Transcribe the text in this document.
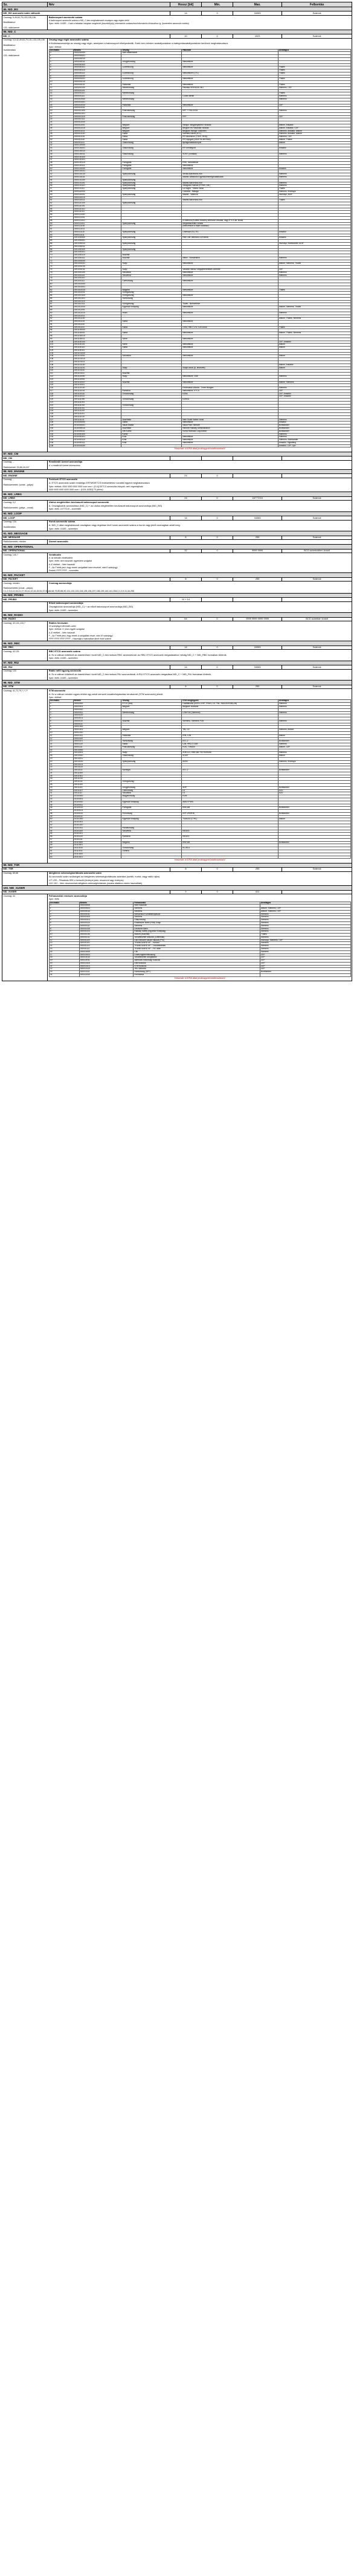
Sz.	Név	Hossz [bit]	Min.	Max.	Felbontás
85. NID_BG
NID_BG azonosító szám változók	14	0	16383	Számok
Csomag: 5,49,63,79,133,135,136,

Beállításhoz:

133, rádióüzenet	

Balízcsoport azonosító száma

A balízcsoport azonosító száma a NID_C-ben meghatározott országon vagy régión belül.

Spec. érték: 16383 – Csak a haladási irányban meghívott (összeköt)ó(s) információs szakaszhoz/információs kiírásokhoz ig. (ismeretlen azonosító esetén)

86. NID_C
NID_C	10	0	1023	Számok
Csomag: 0,5,42,49,63,79,131,133,135,136

Beállításhoz:

Hurtőértetlen

133, rádióüzenet	

Ország vagy régió azonosító száma

A födöskazonosítója az ország vagy régió, amelyben a balízcsoport elhelyezkedik. Ezek nem minden szabályozásban a kategóriaszabályozásban kerülnek meghatározásra.

Spec. értékek

Decimális	Bináris	Ország	Használt	Alvállagos
0	0000000000	Nem alkalmazott		
1	0000000001			
2	0000000010			
3	0000000011	Lengyelország	Nemzetkive	
4	0000000100			
5	0000000101	Luxembourg	Nemzetkive	Thales
6	0000000110			Thales
7	0000000111	Luxembourg	Nemzetkive (CFL)	Thales
8	0000001000			
9	0000001001	Luxembourg	Nemzetkive	Thales
10	0000001010			
11	0000001011	Hollandia	Nemzetkive	Thales
12	0000001100	Németország	Rétzitsa SR/HSDB, MLI	Siemens, CEF
13	0000001101			
14	0000001110	Németország		Thales
15	0000001111		CLfam Berlin	Siemens
16	0000010000	Németország		Siemens
17	0000010001			
18	0000010010	Hollandia	Nemzetkive	CEF
19	0000010011			
20	0000010100	Franciaország	NPT + HGL/DGA	Siemens
21	0000010101			
22	0000010110	Franciaország	RFF	CEF
23	0000010111			
24	0000011000			
25	0000011001	Belgium	Inkrigió: alegységekhez rohadás	Alstom, Ansaldo
26	0000011010	Belgium	Belgium és Hollandia vonalak	Alstom, Ansaldo, CEF
27	0000011011	Belgium	Belgiumi Inkrigió: kölönbén	Siemens, Ansaldo, Alstom
28	0000011100	Dánia	Szentes Dánia (NTL)	Siemens, Ansaldo, Alstom
29	0000011101	Dánia	RFI Alsorsnoz (TDNT, RHG)	Siemens, CEF
30	0000011110	Dánia	RFI Nyugati (DSNF és BHYMA)	Alstom, Thales
31	0000011111	Olaszország	Bjeaigmalalaszonyok	Alstom
32	0000100000			
33	0000100001	Olaszország	RFI nemlegiutt	Ansaldo
34	0000100010			
35	0000100011	Olaszország	SONT (vonalak)	Siemens
36	0000100100			
37	0000100101			
38	0000100110	Portugália	RHK, Nemzetkive	
39	0000100111	Portugália	Nemzetkive	
40	0000101000	Portugália	Nemzetkive	Ansaldo
41	0000101001			
42	0000101010	Spanyolország	Sevilla-Barcelona-Irún	Siemens
43	0000101011		Madrid-Valladolid-Egyeskulesmeigcsatlakozás	Siemens
44	0000101100	Spanyolország		
45	0000101101	Spanyolország	Madrid-Barcelona-Irún	Siemens
46	0000101110	Spanyolország	Zaragoza-Huesca (RTMS, Dili.)	Siemens
47	0000101111	Spanyolország	La Sagra - Toledo vonal	Thales
48	0000110000		Córdoba - Málaga	Siemens, Invensys
49	0000110001	Spanyolország	Madrid - Valencia	Invensys, ADIF
50	0000110010			
51	0000110011		Madrid-Barcelona-Irún	Thales
52	0000110100	Spanyolország		
53	0000110101			
54	0000110110			
55	0000110111			
56	0000111000			
57	0000111001			
58	0000111010		A Valencia (Kontes Kezdes) kötönvuti vonalas, vagy ETCS alt. Bines	
59	0000111011	Spanyolország	megvalasztható vonala	
60	0000111100		(Nemzetkive a teljes szakasz)	
61	0000111101			
62	0000111110	Spanyolország	Linienauf (ELLTE)	Ansaldo
63	0000111111			
64	0001000000	Spanyolország	Red Line-Valencia-La Encina	Ansaldo
65	0001000001			
66	0001000010	Spanyolország		Invensys, Bombardier, ADIF
67	0001000011			
68	0001000100	Spanyolország		
69	0001000101			
70	0001000110	Ausztria		
71	0001000111	Ausztria	Nemz., Nemzetkive	Siemens
72	0001001000			
73	0001001001	Svájc	Nemzetkive	Alstom, Siemens, Thales
74	0001001010			
75	0001001011	Svájc	Vásárlói nkkivul megsjelentetések cernedő	CEF
76	0001001100	Szlovákia	Nemzetkive	Siemens
77	0001001101	Szlovénia	Nemzetkive	Siemens
78	0001001110			
79	0001001111	Csehország	Nemzetkive	
80	0001010000			
81	0001010001			
82	0001010010	Bulgária	Nemzetkive	Thales
83	0001010011	Görögország		
84	0001010100	Görögország	Nemzetkive	
85	0001010101	Svédország		
86	0001010110			
87	0001010111	Görögország	Tüzék., Nemzetkive	
88	0001011000	Egyesült Királyság	Nemzetkive	Alstom, Siemens, Thales
89	0001011001			
90	0001011010	Izrael	Nemzetkive	Siemens
91	0001011011			
92	0001011100			Alstom, Thales, Siemens
93	0001011101	Dánia	Nemzetkive	
94	0001011110			
95	0001011111	Dánia	GSM, HBO, LHL 2-es vonal	Thales
96	0001100000			
97	0001100001	Dánia	Nemzetkive	Alstom, Thales, Siemens
98	0001100010			
99	0001100011	Szírie	Nemzetkive	
100	0001100100			CEF, Ansaldo
101	0001100101	Szírie	Nemzetkive	Alstom
102	0001100110	Dánia	Nemzetkive	Alstom
103	0001100111			
104	0001101000			
105	0001101001	Szlovákia	Nemzetkive	Alstom
106	0001101010			
107	0001101011			
108	0001101100			Alstom, Ansaldo
109	0001101101	Svájc	Svájci vonal (A, tervezett)	Alstom
110	0001101110			
111	0001101111	Ausztria		
112	0001110000	Svájc	Nemzetkive, DAE	Siemens
113	0001110001			
114	0001110010	Ausztria	Nemzetkive	Alstom, Siemens
115	0001110011			
116	0001110100		Fehérváráz-Alluvia - Three Bridges	Siemens
117	0001110101	Románia	Nemzetkive, ETCS	CEF
118	0001110110	Oroszország	KZBK	CEF, Ansaldo
119	0001110111			CEF, Ansaldo
120	0001111000	Oroszország	KZBKA	
121	0001111001			
122	0001111010	Oroszország		
123	0001111011			
124	0001111100			
125	0001111101			
126	0001111110			
127	0001111111	Ausztrália	New South Wales vonal	Siemens
128	0010000000	Dánia	Nemzetkive	Ansaldo
129	0010000001	Saudi Arábia	Saudi Rab. Nemzet	Bombardier
130	0010000010	Ausztrália	Nemzet Railway Administration	Bombardier
131	0010000011	Dél-Korea	Korea Railroad Corporation	Bombardier
132	0010000100	Korea		Siemens
133	0010000101	Kína	Nemzetkive	Siemens
134	0010000110	Kína	Nemzetkive	Siemens, Bombardier
135	0010000111	Kína	Nemzetkive	Ansaldo, Signalling
136	0010001000			Ansaldo, CEF, Dyn

Használt: ki ERA által jóváhagyott kódkiosztástól

87. NID_CM
NID_CM				
Csomag: …

Rádióüzenet: 33,86,16,147	

Rendkívüli üzenet azonosítója

A: a rendkívüli üzenet tokenszáma

88. NID_ENGINE
NID_ENGINE	24	0		
Csomag: …

Rádióüzenetek: (vonat→pálya)	

Fedélzeti ETCS azonosító

A: ETCS azonosító szám rendeligs ERTMS/ETCS fedélzetiéhez vonattól egyedi meghatározásra

Spec. értékek: 0000 0000 0000 0000 xxxx xxxx = [0-16] 0ETCS azonosítás hiányzik: nem végrehajtható

0000 0000 0000 0000 0000 xxxx = [1024-16383] TS (direct)

89. NID_LRBG
NID_LRBG	24	0	16777215	Számok
Csomag: 0,2

Rádióüzenetek: (pálya↔vonat)	

Utolsó megfelelően beolvasott balízcsoport azonosító

A: Országkódok azonosítása (NID_C) + az utolsó megfelelően beolvasott balízcsoport azonosítója (NID_BG)

Spec. érték: 16777215 – ismeretlen

90. NID_LOOP
NID_LOOP	14	0	16383	Számok
Csomag: 134

Hurtőértetlen	

Hurok azonosító száma

A: NID_C által meghatározott országban vagy régióban lévő hurok azonosító száma a hurok vagy jelző csomagban adott meg.

Spec. érték: 16383 – ismeretlen

91. NID_MESSAGE
NID_MESSAGE	8	0	255	Számok
Rádióüzenetek: minden	Üzenet azonosító

92. NID_OPERATIONAL
NID_OPERATIONAL	32	0	9999 9999	BCD-számkódben kódolt
Csomag: 140,?	Vonatszám

A: az aktuális vonatszáma

Spec. érték: nem használt: egyenként szolgálat

A–E értékek – Nem használt

F – Az F érték jelzi, hogy ennek szolgáltató ezen részével, mint 8 számjegy)

Eredeti: FFFF FFFF – ismeretlen

93. NID_PACKET
NID_PACKET	8	0	255	Számok
Csomag: minden

Rádióüzenetek (vonat→pálya): 0,1,2,3,5,12,16,21,27,39,41,42,44,45,51,57,65,66,68,79,80,88,90,131,132,133,134,135,136,137,138,139,140,141,254,0,1,3,9,11,44,255	

Csomag azonosítója

94. NID_PRVBG
NID_PRVBG	10 + 14			

Előző balízcsoport azonosítója

Országkódok azonosítója (NID_C) + az előző balízcsoport azonosítója (NID_BG)

Spec. érték: 16383 – ismeretlen

95. NID_RADIO
NID_RADIO	64	0	9999 9999 9999 9999	BCD-számban kódolt
Csomag: 42,131,133,?	Rádiós hívószám

16 számjegyű decimális szám

Spec. értékek: 0: nincs egyéb szolgálat

A–E értékek – Nem használt

F – Az F érték jelzi, hogy ennek a szolgáltató része, mint 16 számjegy)

FFFF FFFF FFFF FFFF – Használja a halózatban tárolt rövid számot

96. NID_RBC
NID_RBC	14	0	16383	Számok
Csomag: 42,131	RBC ETCS azonosító száma

A: Ez a változó kötelező az áramkörben hívott NID_C-hez tartozó RBC azonosítónál. Az RBC ETCS azonosító megadásához mindig NID_C + NID_RBC formában történik.

Spec. érték: 16383 – ismeretlen

97. NID_RIU
NID_RIU	14	0	16383	Számok
Csomag: 133	Rádió infill egység azonosító

A: Ez a változó kötelező az áramkörben hívott NID_C-hez tartozó RIU azonosítónál. A RIU ETCS azonosító megadása NID_C + NID_RIU formában történik.

Spec. érték: 16383 – ismeretlen

98. NID_STM
NID_STM	8	0	255	Számok
Csomag: 41,72,79,?,?,??	STM azonosító

A: Ez a változó minden egyes értéke egy adott nemzeti vonatbefolyásolási rendszerét (STM azonosító) jelenti.

Spec. értékek

Decimális	Bináris	Ország	STM megjegyzés	Alvállagos
0	00000000	ETCS (lest)	Csatlakozás (ASFA, KHP, TRIUV, LS, TBL, INDUSI/PZB/LZB)	Siemens
1	00000001	Belgium	Belgiumi rendszer	Siemens
2	00000010			
3	00000011	Németország	LZB/PZB (Siemens)	Siemens
4	00000100			
5	00000101			
6	00000110	Ausztria	Siemens, Siemens PZB	Siemens
7	00000111			
8	00001000			
9	00001001	Belgium	TBL 1/2	Siemens, Alstom
10	00001010			
11	00001011	Hollandia	ATB, LZB	Alstom
12	00001100			
13	00001101	Svédország	ATC-2	Bombardier
14	00001110	Dánia	LZB, HKU-3 ZUB	Siemens
15	00001111	Franciaország	KVB, TVM430	Alstom, CEF
16	00010000			
17	00010001	Svájc	ZUB 121, EBICAB 700 SIGNUM	Siemens
18	00010010	Olaszország	SCMT	Alstom
19	00010011			
20	00010100	Spanyolország	ASFA	Siemens, Invensys
21	00010101			
22	00010110			
23	00010111	Norvégia	ATC-2	Bombardier
24	00011000			
25	00011001			
26	00011010			
27	00011011	Görögország		
28	00011100			
29	00011101	Lengyelország	SHP	Bombardier
30	00011110	Csehország	LS	AZD
31	00011111	Szlovákia	LS	AZD
32	00100000	Magyarország	EVM	
33	00100001			
34	00100010	Egyesült Királyság	AWS/TPWS	
35	00100011			
36	00100100	Portugália	EBICAB	Bombardier
37	00100101			
38	00100110	Finnország	ATP-VR/RHK	Bombardier
39	00100111			
40	00101000	Egyesült Királyság	TVM430 (CTRL)	Alstom
41	00101001			
42	00101010			
43	00101011	Horvátország		
44	00101100	Szlovénia	INDUSI	
45	00101101			
46	00101110	Románia	INDUSI	
47	00101111			
48	00110000	Bulgária	EBICAB	Bombardier
49	00110001			
50	00110010	Oroszország	KLUB-U	
51	00110011	Litvánia		
52	00110100			
53	00110101			

Használt: ki ERA által jóváhagyott kódkiosztástól

99. NID_TSR
NID_TSR	8	0	255	Számok
Csomag: 65,66	Ideiglenes sebességkorlátozás azonosító szám

Az azonosító szám szükséges az ideiglenes sebességkorlátozás számára (széttö, hurtot, vagy rádió útján)

127–255 – Pénztartás RBC-n keresztül (érvényre jutás: visszavont vagy érvényes)

1111 1111 – Nem visszavonható ideiglenes sebességkorlátozás (vonatra általános módon használható)

100. NID_XUSER
NID_XUSER	9	0	511	
Csomag: 44	Felhasználói rendszer azonosítója

Spec. érték

Decimális	Bináris	Felhasználó	Alvállagos
0	000000000	Nem használt	
1	000000001	Siemens	Alstom, Siemens, CEF
2	000000010	Siemens	Alstom, Siemens, CEF
3	000000011	Nemzetközi vonatbefolyásoló	Siemens
4	000000100	Siemens	Siemens
5	000000101	Olaszország	Siemens
6	000000110	Rhaetische Bahn (RhB) Svájc	Siemens
7	000000111	Siemens	Siemens
8	000001000	Deutsche Bahn	Siemens
9	000001001	Railway Safety (Egyesült Királyság)	Siemens
10	000001010	Alstom (Ausztria)	Thales
11	000001011	Vonatfelvételi funkciók (Leitfirmák)	Siemens
12	000001100	Dán Nemzeti Vasúti Hálózat (PSI)	Invensys, Siemens, CEF
13	000001101	TRAINGUARD MT – funkció	Siemens
14	000001110	TRAINGUARD MT – Vonalbeállítás	Siemens
15	000001111	TRAINGUARD MT – RC adat	Siemens
16	000010000	CBI	Siemens
17	000010001	Linienzugbeeinflussung	CEF
18	000010010	Vonatfelvételi szolgálatok	CEF
19	000010011	Alternatív biztonsági funkciók	CEF
20	000010100	DMI funkciók	CEF
21	000010101	STM funkciók	CEF
22	000010110	JRU funkciók	CEF
23	000010111	Svédország (SRT)	Bombardier
24	000011000	Fenntartva	

Használt: ki ERA által jóváhagyott kódkiosztástól
